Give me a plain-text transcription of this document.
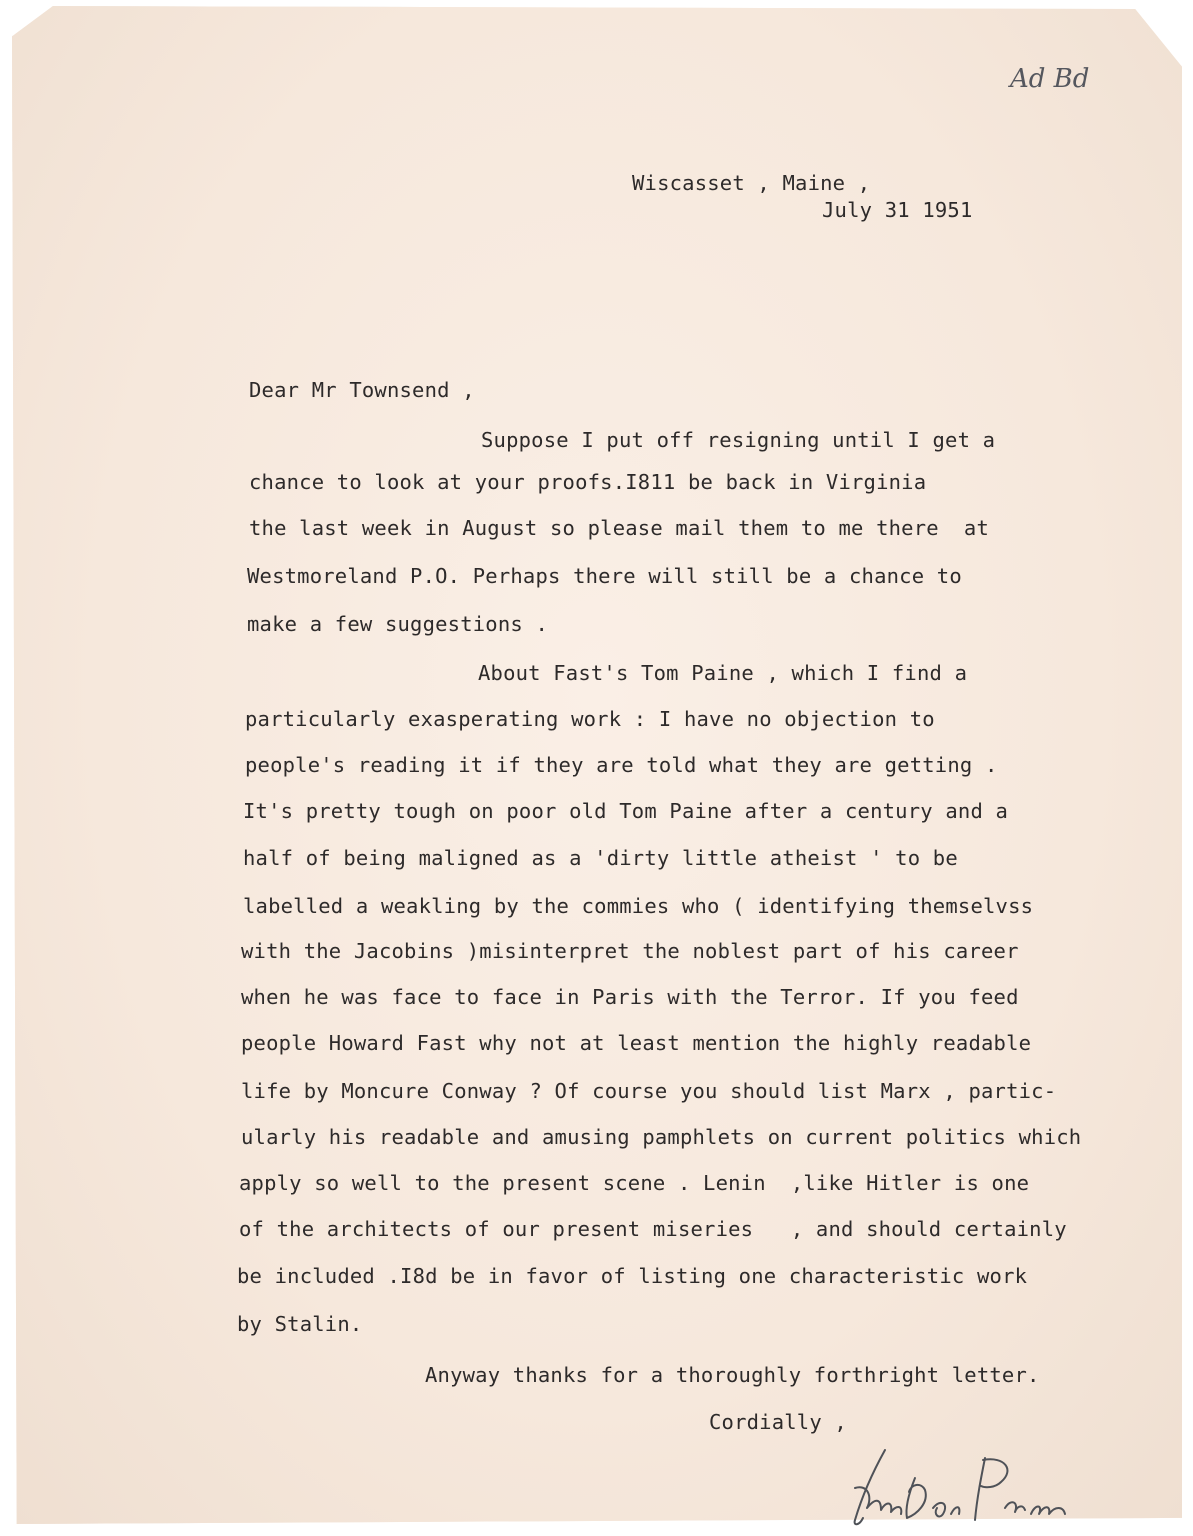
Ad Bd
Wiscasset , Maine ,
July 31 1951
Dear Mr Townsend ,
Suppose I put off resigning until I get a
chance to look at your proofs.I811 be back in Virginia
the last week in August so please mail them to me there  at
Westmoreland P.O. Perhaps there will still be a chance to
make a few suggestions .
About Fast's Tom Paine , which I find a
particularly exasperating work : I have no objection to
people's reading it if they are told what they are getting .
It's pretty tough on poor old Tom Paine after a century and a
half of being maligned as a 'dirty little atheist ' to be
labelled a weakling by the commies who ( identifying themselvss
with the Jacobins )misinterpret the noblest part of his career
when he was face to face in Paris with the Terror. If you feed
people Howard Fast why not at least mention the highly readable
life by Moncure Conway ? Of course you should list Marx , partic-
ularly his readable and amusing pamphlets on current politics which
apply so well to the present scene . Lenin  ,like Hitler is one
of the architects of our present miseries   , and should certainly
be included .I8d be in favor of listing one characteristic work
by Stalin.
Anyway thanks for a thoroughly forthright letter.
Cordially ,
